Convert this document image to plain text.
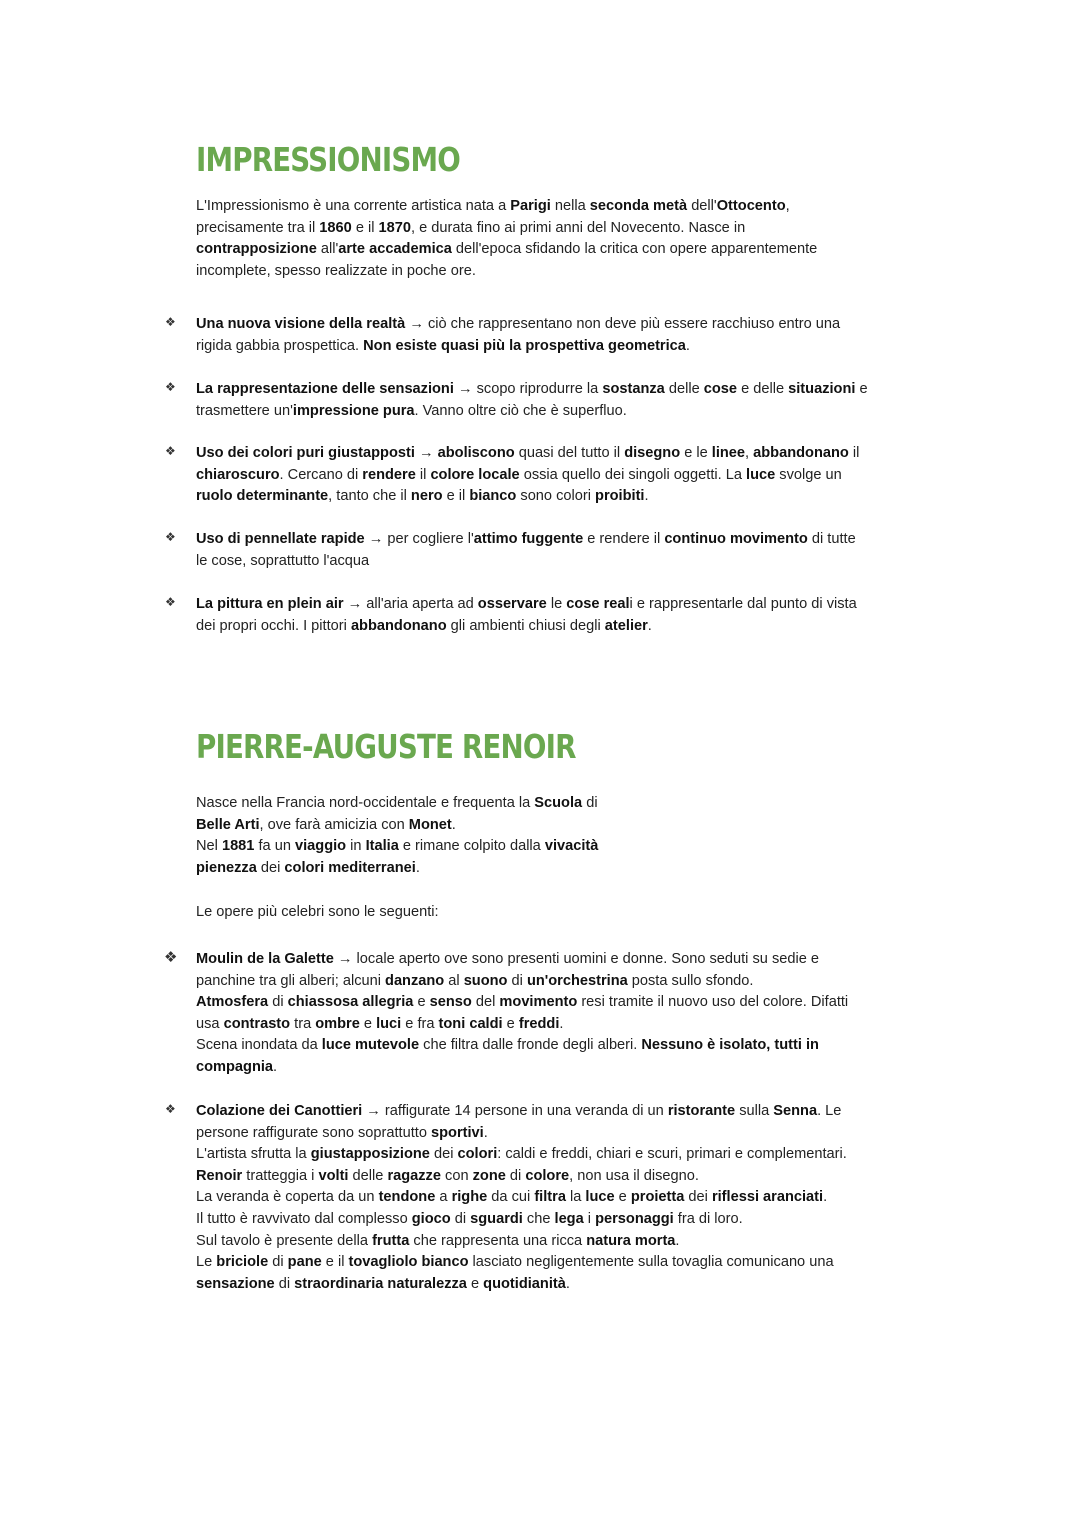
IMPRESSIONISMO

L'Impressionismo è una corrente artistica nata a Parigi nella seconda metà dell'Ottocento,
precisamente tra il 1860 e il 1870, e durata fino ai primi anni del Novecento. Nasce in
contrapposizione all'arte accademica dell'epoca sfidando la critica con opere apparentemente
incomplete, spesso realizzate in poche ore.

❖ Una nuova visione della realtà → ciò che rappresentano non deve più essere racchiuso entro una
rigida gabbia prospettica. Non esiste quasi più la prospettiva geometrica.

❖ La rappresentazione delle sensazioni → scopo riprodurre la sostanza delle cose e delle situazioni e
trasmettere un'impressione pura. Vanno oltre ciò che è superfluo.

❖ Uso dei colori puri giustapposti → aboliscono quasi del tutto il disegno e le linee, abbandonano il
chiaroscuro. Cercano di rendere il colore locale ossia quello dei singoli oggetti. La luce svolge un
ruolo determinante, tanto che il nero e il bianco sono colori proibiti.

❖ Uso di pennellate rapide → per cogliere l'attimo fuggente e rendere il continuo movimento di tutte
le cose, soprattutto l'acqua

❖ La pittura en plein air → all'aria aperta ad osservare le cose reali e rappresentarle dal punto di vista
dei propri occhi. I pittori abbandonano gli ambienti chiusi degli atelier.

PIERRE-AUGUSTE RENOIR

Nasce nella Francia nord-occidentale e frequenta la Scuola di
Belle Arti, ove farà amicizia con Monet.
Nel 1881 fa un viaggio in Italia e rimane colpito dalla vivacità
pienezza dei colori mediterranei.

Le opere più celebri sono le seguenti:

❖ Moulin de la Galette → locale aperto ove sono presenti uomini e donne. Sono seduti su sedie e
panchine tra gli alberi; alcuni danzano al suono di un'orchestrina posta sullo sfondo.
Atmosfera di chiassosa allegria e senso del movimento resi tramite il nuovo uso del colore. Difatti
usa contrasto tra ombre e luci e fra toni caldi e freddi.
Scena inondata da luce mutevole che filtra dalle fronde degli alberi. Nessuno è isolato, tutti in
compagnia.

❖ Colazione dei Canottieri → raffigurate 14 persone in una veranda di un ristorante sulla Senna. Le
persone raffigurate sono soprattutto sportivi.
L'artista sfrutta la giustapposizione dei colori: caldi e freddi, chiari e scuri, primari e complementari.
Renoir tratteggia i volti delle ragazze con zone di colore, non usa il disegno.
La veranda è coperta da un tendone a righe da cui filtra la luce e proietta dei riflessi aranciati.
Il tutto è ravvivato dal complesso gioco di sguardi che lega i personaggi fra di loro.
Sul tavolo è presente della frutta che rappresenta una ricca natura morta.
Le briciole di pane e il tovagliolo bianco lasciato negligentemente sulla tovaglia comunicano una
sensazione di straordinaria naturalezza e quotidianità.
